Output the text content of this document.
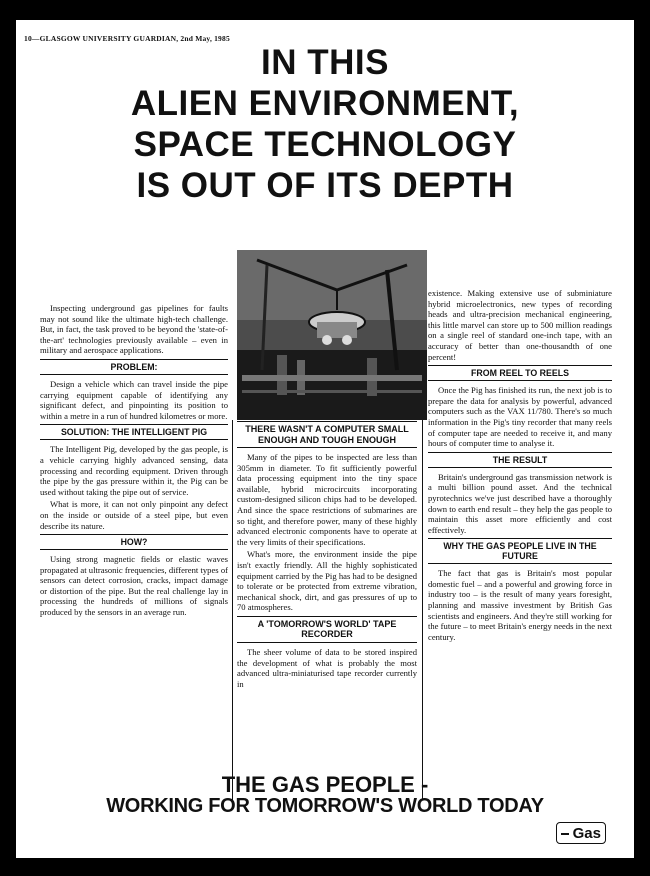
10—GLASGOW UNIVERSITY GUARDIAN, 2nd May, 1985
IN THIS
ALIEN ENVIRONMENT,
SPACE TECHNOLOGY
IS OUT OF ITS DEPTH

Inspecting underground gas pipelines for faults may not sound like the ultimate high-tech challenge. But, in fact, the task proved to be beyond the 'state-of-the-art' technologies previously available – even in military and aerospace applications.

PROBLEM:

Design a vehicle which can travel inside the pipe carrying equipment capable of identifying any significant defect, and pinpointing its position to within a metre in a run of hundred kilometres or more.

SOLUTION: THE INTELLIGENT PIG

The Intelligent Pig, developed by the gas people, is a vehicle carrying highly advanced sensing, data processing and recording equipment. Driven through the pipe by the gas pressure within it, the Pig can be used without taking the pipe out of service.

What is more, it can not only pinpoint any defect on the inside or outside of a steel pipe, but even describe its nature.

HOW?

Using strong magnetic fields or elastic waves propagated at ultrasonic frequencies, different types of sensors can detect corrosion, cracks, impact damage or distortion of the pipe. But the real challenge lay in processing the hundreds of millions of signals produced by the sensors in an average run.

THERE WASN'T A COMPUTER SMALL ENOUGH AND TOUGH ENOUGH

Many of the pipes to be inspected are less than 305mm in diameter. To fit sufficiently powerful data processing equipment into the tiny space available, hybrid microcircuits incorporating custom-designed silicon chips had to be developed. And since the space restrictions of submarines are so tight, and therefore power, many of these highly advanced electronic components have to operate at the very limits of their specifications.

What's more, the environment inside the pipe isn't exactly friendly. All the highly sophisticated equipment carried by the Pig has had to be designed to tolerate or be protected from extreme vibration, mechanical shock, dirt, and gas pressures of up to 70 atmospheres.

A 'TOMORROW'S WORLD' TAPE RECORDER

The sheer volume of data to be stored inspired the development of what is probably the most advanced ultra-miniaturised tape recorder currently in

existence. Making extensive use of subminiature hybrid microelectronics, new types of recording heads and ultra-precision mechanical engineering, this little marvel can store up to 500 million readings on a single reel of standard one-inch tape, with an accuracy of better than one-thousandth of one percent!

FROM REEL TO REELS

Once the Pig has finished its run, the next job is to prepare the data for analysis by powerful, advanced computers such as the VAX 11/780. There's so much information in the Pig's tiny recorder that many reels of computer tape are needed to receive it, and many hours of computer time to analyse it.

THE RESULT

Britain's underground gas transmission network is a multi billion pound asset. And the technical pyrotechnics we've just described have a thoroughly down to earth end result – they help the gas people to maintain this asset more efficiently and cost effectively.

WHY THE GAS PEOPLE LIVE IN THE FUTURE

The fact that gas is Britain's most popular domestic fuel – and a powerful and growing force in industry too – is the result of many years foresight, planning and massive investment by British Gas scientists and engineers. And they're still working for the future – to meet Britain's energy needs in the next century.

THE GAS PEOPLE -
WORKING FOR TOMORROW'S WORLD TODAY
Gas
